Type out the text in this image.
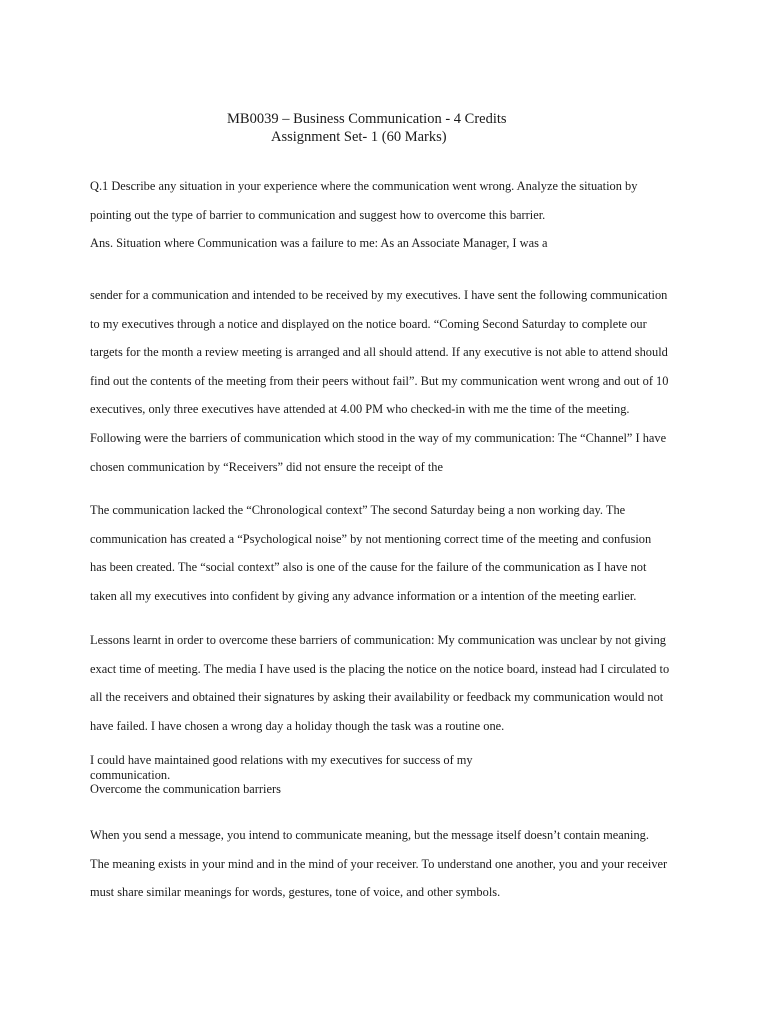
MB0039 – Business Communication - 4 Credits
Assignment Set- 1 (60 Marks)

Q.1 Describe any situation in your experience where the communication went wrong. Analyze the situation by
pointing out the type of barrier to communication and suggest how to overcome this barrier.

Ans. Situation where Communication was a failure to me: As an Associate Manager, I was a

sender for a communication and intended to be received by my executives. I have sent the following communication
to my executives through a notice and displayed on the notice board. “Coming Second Saturday to complete our
targets for the month a review meeting is arranged and all should attend. If any executive is not able to attend should
find out the contents of the meeting from their peers without fail”. But my communication went wrong and out of 10
executives, only three executives have attended at 4.00 PM who checked-in with me the time of the meeting.
Following were the barriers of communication which stood in the way of my communication: The “Channel” I have
chosen communication by “Receivers” did not ensure the receipt of the

The communication lacked the “Chronological context” The second Saturday being a non working day. The
communication has created a “Psychological noise” by not mentioning correct time of the meeting and confusion
has been created. The “social context” also is one of the cause for the failure of the communication as I have not
taken all my executives into confident by giving any advance information or a intention of the meeting earlier.

Lessons learnt in order to overcome these barriers of communication: My communication was unclear by not giving
exact time of meeting. The media I have used is the placing the notice on the notice board, instead had I circulated to
all the receivers and obtained their signatures by asking their availability or feedback my communication would not
have failed. I have chosen a wrong day a holiday though the task was a routine one.

I could have maintained good relations with my executives for success of my
communication.
Overcome the communication barriers

When you send a message, you intend to communicate meaning, but the message itself doesn’t contain meaning.
The meaning exists in your mind and in the mind of your receiver. To understand one another, you and your receiver
must share similar meanings for words, gestures, tone of voice, and other symbols.
